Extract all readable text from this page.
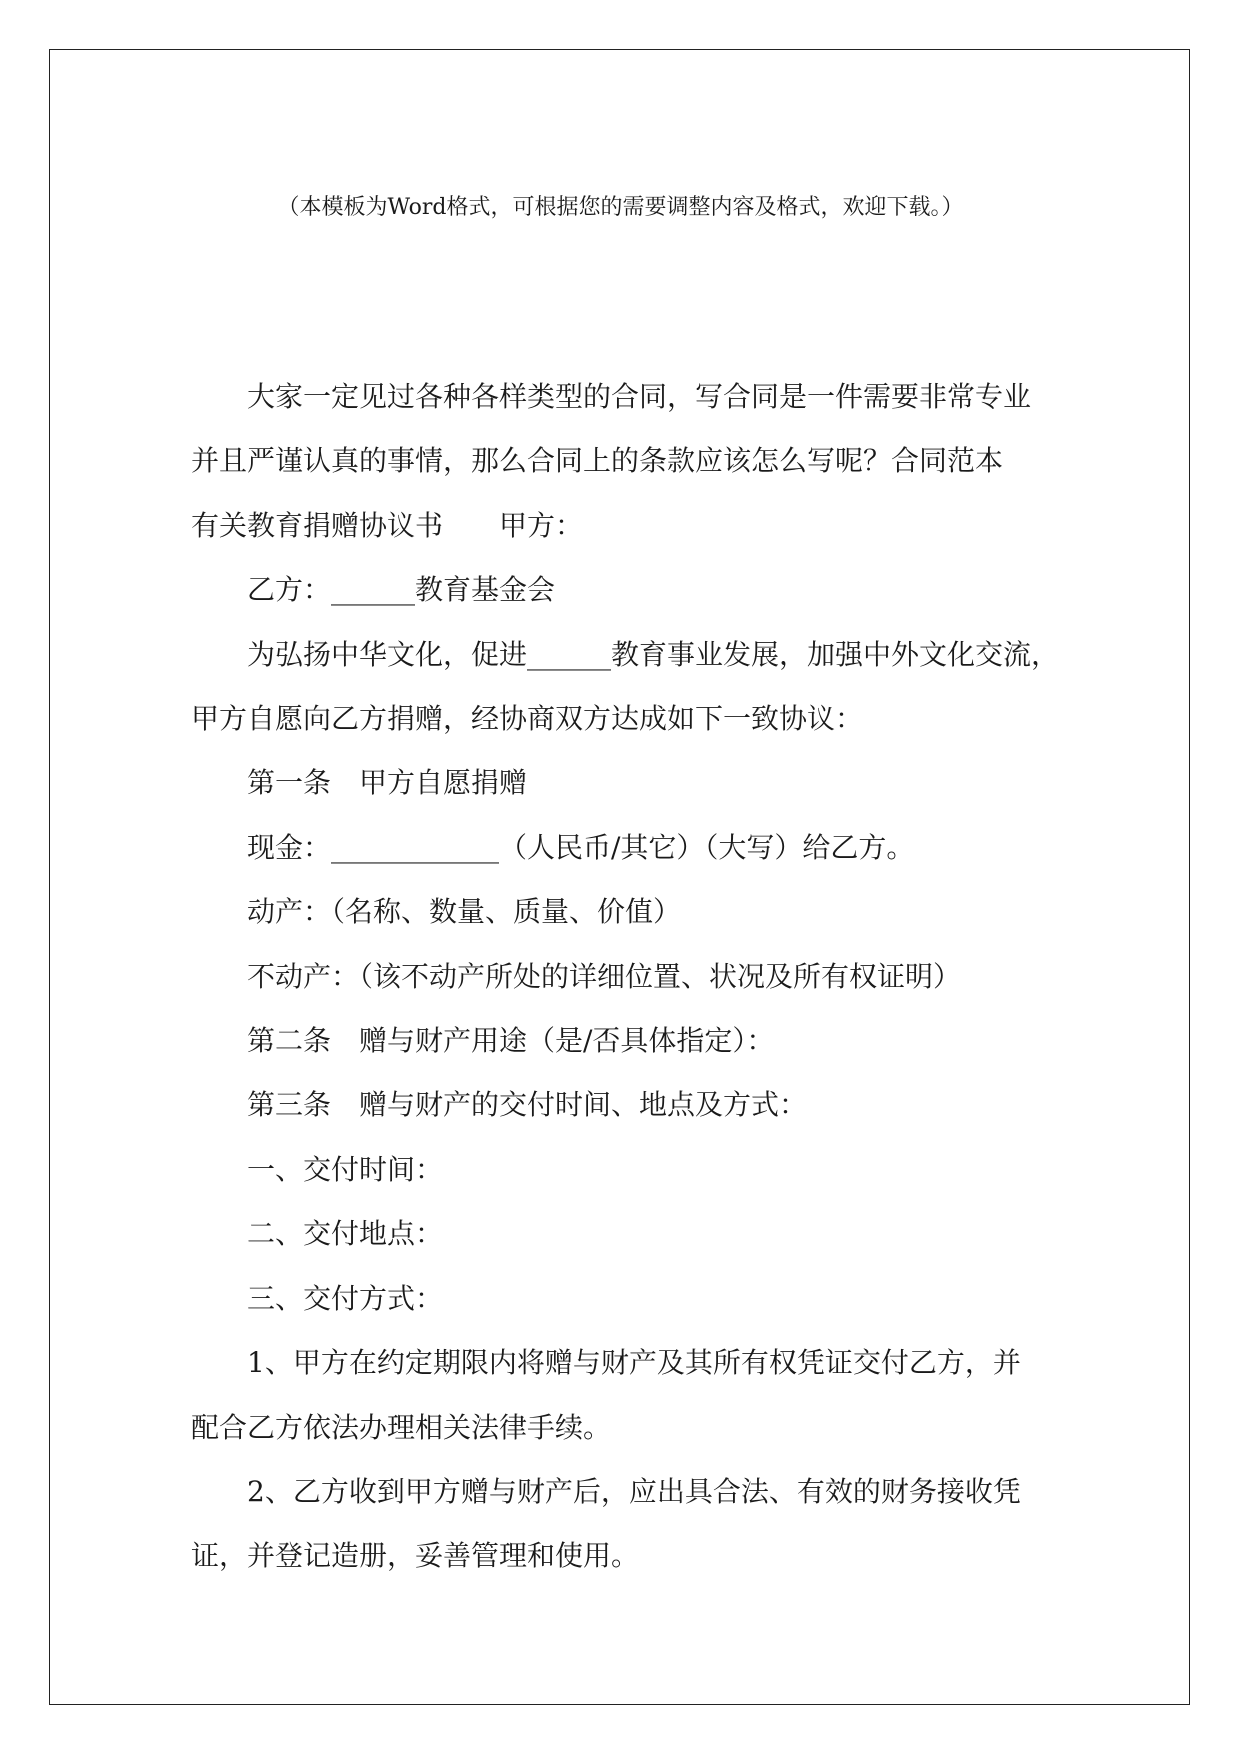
（本模板为Word格式，可根据您的需要调整内容及格式，欢迎下载。）

大家一定见过各种各样类型的合同，写合同是一件需要非常专业

并且严谨认真的事情，那么合同上的条款应该怎么写呢？合同范本

有关教育捐赠协议书　　甲方：

乙方：______教育基金会

为弘扬中华文化，促进______教育事业发展，加强中外文化交流，

甲方自愿向乙方捐赠，经协商双方达成如下一致协议：

第一条　甲方自愿捐赠

现金：____________（人民币/其它）（大写）给乙方。

动产：（名称、数量、质量、价值）

不动产：（该不动产所处的详细位置、状况及所有权证明）

第二条　赠与财产用途（是/否具体指定）：

第三条　赠与财产的交付时间、地点及方式：

一、交付时间：

二、交付地点：

三、交付方式：

1、甲方在约定期限内将赠与财产及其所有权凭证交付乙方，并

配合乙方依法办理相关法律手续。

2、乙方收到甲方赠与财产后，应出具合法、有效的财务接收凭

证，并登记造册，妥善管理和使用。
